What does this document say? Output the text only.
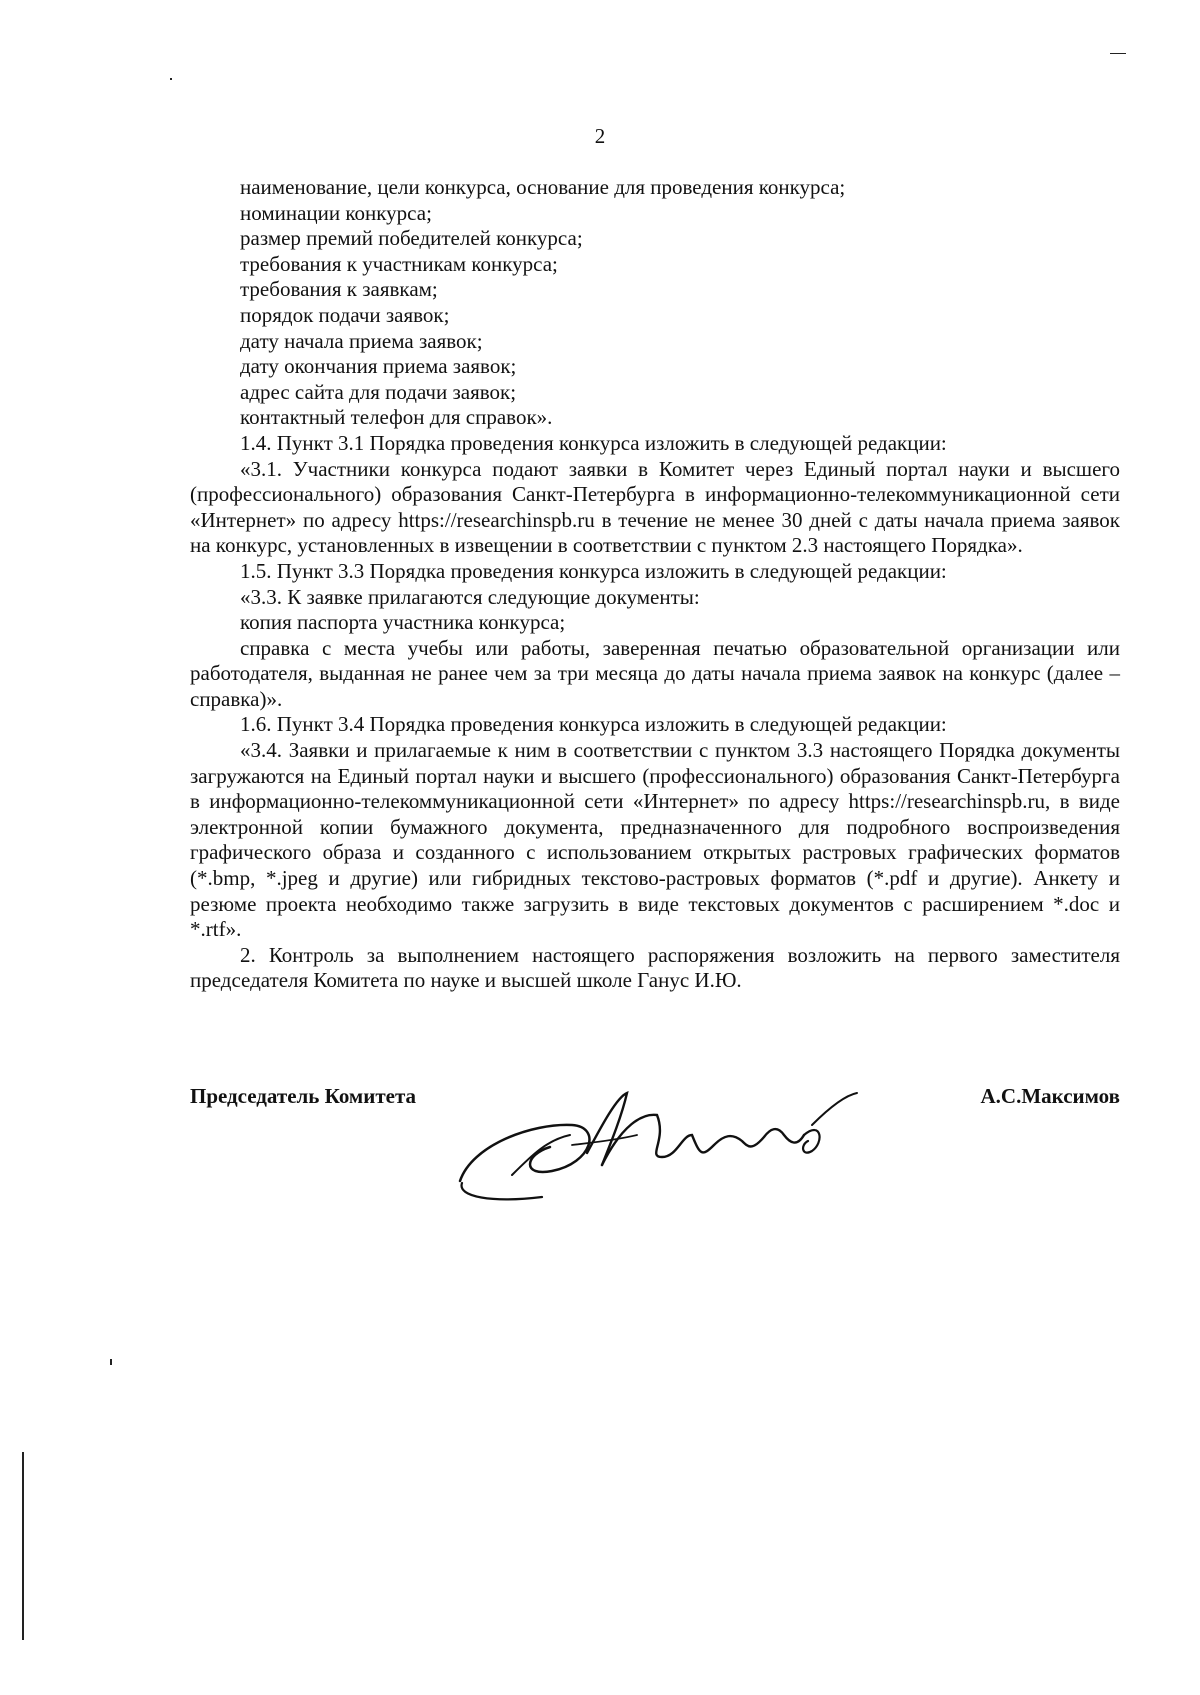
2
наименование, цели конкурса, основание для проведения конкурса;
номинации конкурса;
размер премий победителей конкурса;
требования к участникам конкурса;
требования к заявкам;
порядок подачи заявок;
дату начала приема заявок;
дату окончания приема заявок;
адрес сайта для подачи заявок;
контактный телефон для справок».

1.4. Пункт 3.1 Порядка проведения конкурса изложить в следующей редакции:

«3.1. Участники конкурса подают заявки в Комитет через Единый портал науки и высшего (профессионального) образования Санкт-Петербурга в информационно-телекоммуникационной сети «Интернет» по адресу https://researchinspb.ru в течение не менее 30 дней с даты начала приема заявок на конкурс, установленных в извещении в соответствии с пунктом 2.3 настоящего Порядка».

1.5. Пункт 3.3 Порядка проведения конкурса изложить в следующей редакции:

«3.3. К заявке прилагаются следующие документы:

копия паспорта участника конкурса;

справка с места учебы или работы, заверенная печатью образовательной организации или работодателя, выданная не ранее чем за три месяца до даты начала приема заявок на конкурс (далее – справка)».

1.6. Пункт 3.4 Порядка проведения конкурса изложить в следующей редакции:

«3.4. Заявки и прилагаемые к ним в соответствии с пунктом 3.3 настоящего Порядка документы загружаются на Единый портал науки и высшего (профессионального) образования Санкт-Петербурга в информационно-телекоммуникационной сети «Интернет» по адресу https://researchinspb.ru, в виде электронной копии бумажного документа, предназначенного для подробного воспроизведения графического образа и созданного с использованием открытых растровых графических форматов (*.bmp, *.jpeg и другие) или гибридных текстово-растровых форматов (*.pdf и другие). Анкету и резюме проекта необходимо также загрузить в виде текстовых документов с расширением *.doc и *.rtf».

2. Контроль за выполнением настоящего распоряжения возложить на первого заместителя председателя Комитета по науке и высшей школе Ганус И.Ю.

Председатель Комитета	А.С.Максимов
